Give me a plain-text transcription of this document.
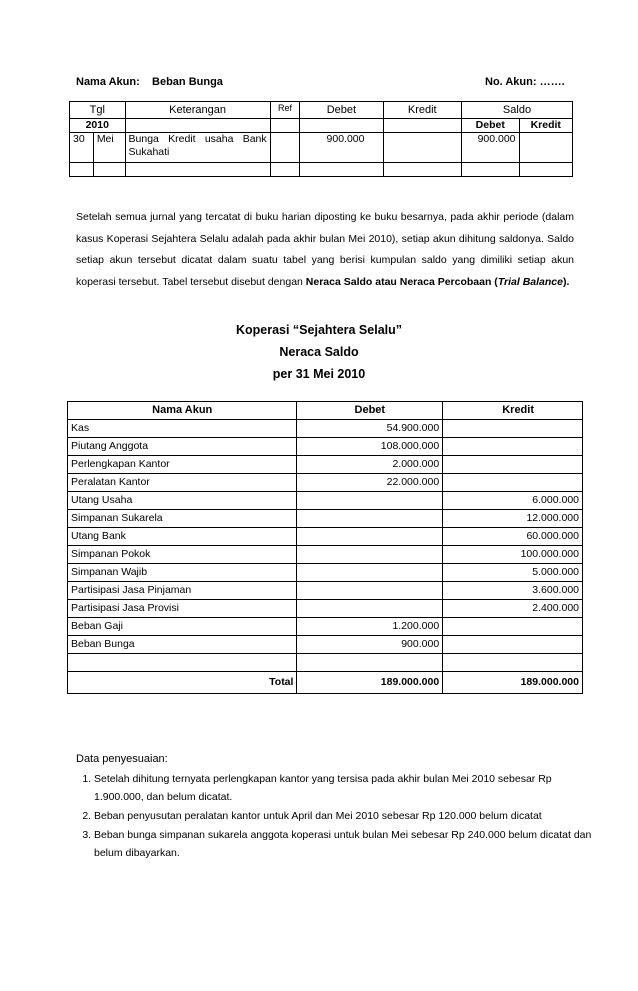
Nama Akun: Beban Bunga	No. Akun: …….
Tgl		Keterangan	Ref	Debet	Kredit	Saldo	
2010						Debet	Kredit
30	Mei	Bunga Kredit usaha Bank Sukahati		900.000		900.000	

Setelah semua jurnal yang tercatat di buku harian diposting ke buku besarnya, pada akhir periode (dalam kasus Koperasi Sejahtera Selalu adalah pada akhir bulan Mei 2010), setiap akun dihitung saldonya. Saldo setiap akun tersebut dicatat dalam suatu tabel yang berisi kumpulan saldo yang dimiliki setiap akun koperasi tersebut. Tabel tersebut disebut dengan Neraca Saldo atau Neraca Percobaan (Trial Balance).

Koperasi “Sejahtera Selalu”
Neraca Saldo
per 31 Mei 2010
Nama Akun	Debet	Kredit
Kas	54.900.000	
Piutang Anggota	108.000.000	
Perlengkapan Kantor	2.000.000	
Peralatan Kantor	22.000.000	
Utang Usaha		6.000.000
Simpanan Sukarela		12.000.000
Utang Bank		60.000.000
Simpanan Pokok		100.000.000
Simpanan Wajib		5.000.000
Partisipasi Jasa Pinjaman		3.600.000
Partisipasi Jasa Provisi		2.400.000
Beban Gaji	1.200.000	
Beban Bunga	900.000	

Total	189.000.000	189.000.000
Data penyesuaian:
1. Setelah dihitung ternyata perlengkapan kantor yang tersisa pada akhir bulan Mei 2010 sebesar Rp 1.900.000, dan belum dicatat.
2. Beban penyusutan peralatan kantor untuk April dan Mei 2010 sebesar Rp 120.000 belum dicatat
3. Beban bunga simpanan sukarela anggota koperasi untuk bulan Mei sebesar Rp 240.000 belum dicatat dan belum dibayarkan.
